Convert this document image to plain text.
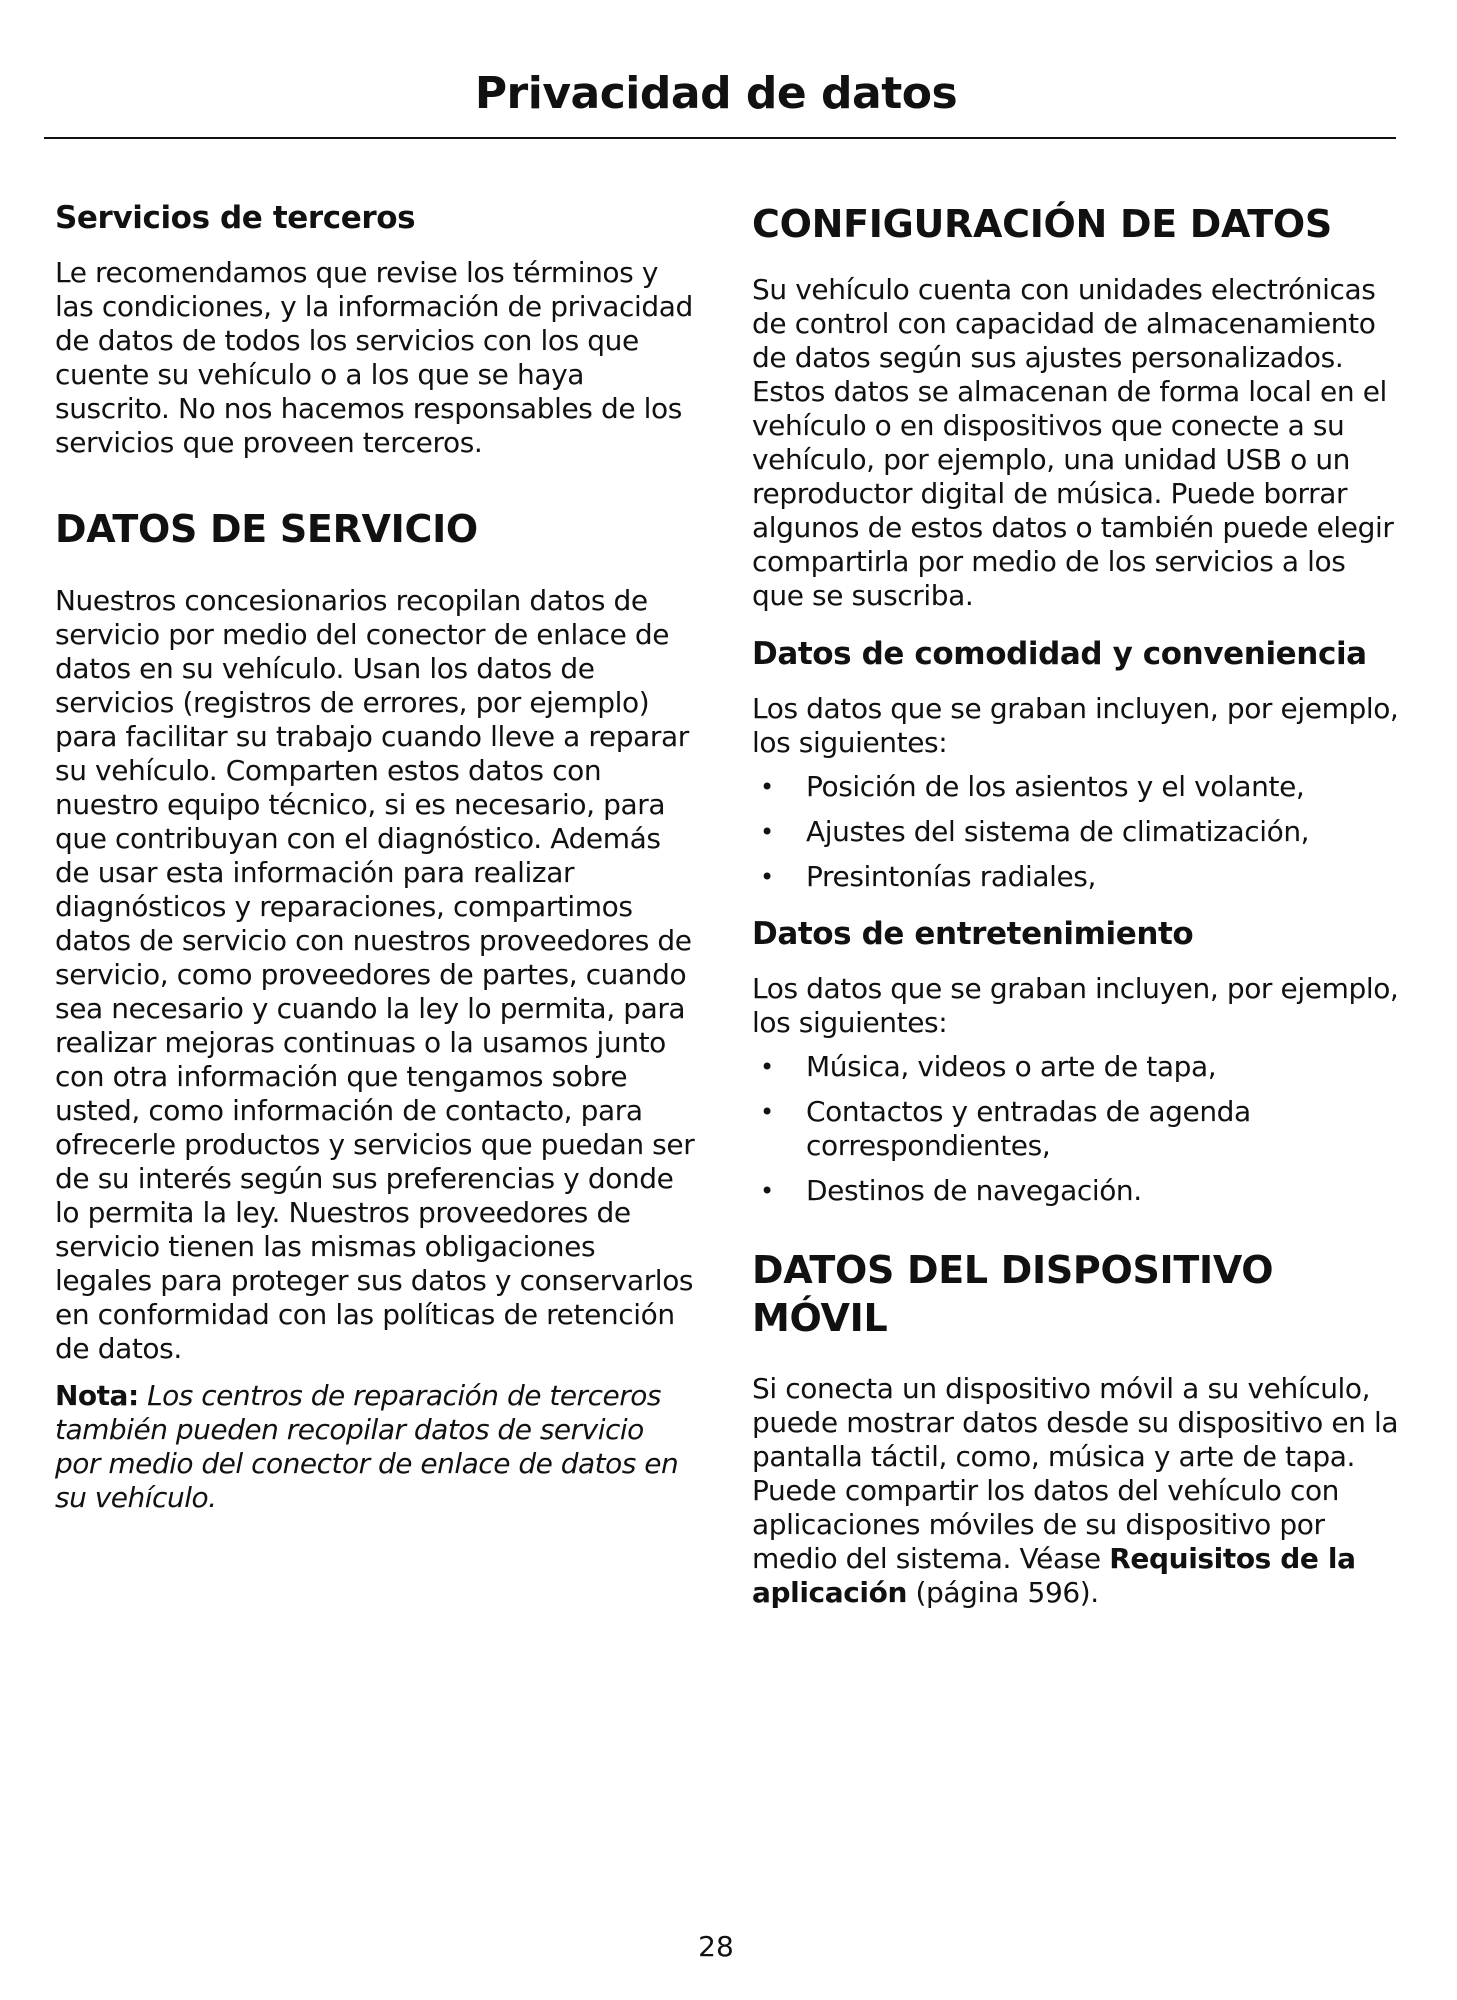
Privacidad de datos
Servicios de terceros

Le recomendamos que revise los términos y las condiciones, y la información de privacidad de datos de todos los servicios con los que cuente su vehículo o a los que se haya suscrito. No nos hacemos responsables de los servicios que proveen terceros.

DATOS DE SERVICIO

Nuestros concesionarios recopilan datos de servicio por medio del conector de enlace de datos en su vehículo. Usan los datos de servicios (registros de errores, por ejemplo) para facilitar su trabajo cuando lleve a reparar su vehículo. Comparten estos datos con nuestro equipo técnico, si es necesario, para que contribuyan con el diagnóstico. Además de usar esta información para realizar diagnósticos y reparaciones, compartimos datos de servicio con nuestros proveedores de servicio, como proveedores de partes, cuando sea necesario y cuando la ley lo permita, para realizar mejoras continuas o la usamos junto con otra información que tengamos sobre usted, como información de contacto, para ofrecerle productos y servicios que puedan ser de su interés según sus preferencias y donde lo permita la ley. Nuestros proveedores de servicio tienen las mismas obligaciones legales para proteger sus datos y conservarlos en conformidad con las políticas de retención de datos.

Nota: Los centros de reparación de terceros también pueden recopilar datos de servicio por medio del conector de enlace de datos en su vehículo.

CONFIGURACIÓN DE DATOS

Su vehículo cuenta con unidades electrónicas de control con capacidad de almacenamiento de datos según sus ajustes personalizados. Estos datos se almacenan de forma local en el vehículo o en dispositivos que conecte a su vehículo, por ejemplo, una unidad USB o un reproductor digital de música. Puede borrar algunos de estos datos o también puede elegir compartirla por medio de los servicios a los que se suscriba.

Datos de comodidad y conveniencia

Los datos que se graban incluyen, por ejemplo, los siguientes:

• Posición de los asientos y el volante,
• Ajustes del sistema de climatización,
• Presintonías radiales,
Datos de entretenimiento

Los datos que se graban incluyen, por ejemplo, los siguientes:

• Música, videos o arte de tapa,
• Contactos y entradas de agenda correspondientes,
• Destinos de navegación.
DATOS DEL DISPOSITIVO MÓVIL

Si conecta un dispositivo móvil a su vehículo, puede mostrar datos desde su dispositivo en la pantalla táctil, como, música y arte de tapa. Puede compartir los datos del vehículo con aplicaciones móviles de su dispositivo por medio del sistema. Véase Requisitos de la aplicación (página 596).

28
